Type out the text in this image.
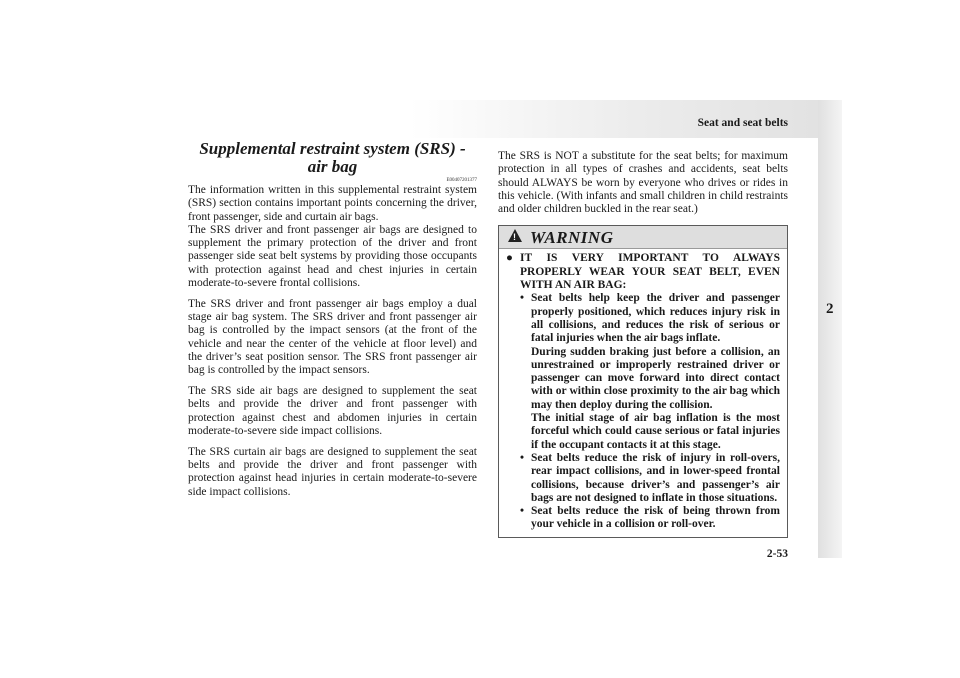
Seat and seat belts
2
Supplemental restraint system (SRS) - air bag
E00407201377

The information written in this supplemental restraint system (SRS) section contains important points concerning the driver, front passenger, side and curtain air bags.

The SRS driver and front passenger air bags are designed to supplement the primary protection of the driver and front passenger side seat belt systems by providing those occupants with protection against head and chest injuries in certain moderate-to-severe frontal collisions.

The SRS driver and front passenger air bags employ a dual stage air bag system. The SRS driver and front passenger air bag is controlled by the impact sensors (at the front of the vehicle and near the center of the vehicle at floor level) and the driver’s seat position sensor. The SRS front passenger air bag is controlled by the impact sensors.

The SRS side air bags are designed to supplement the seat belts and provide the driver and front passenger with protection against chest and abdomen injuries in certain moderate-to-severe side impact collisions.

The SRS curtain air bags are designed to supplement the seat belts and provide the driver and front passenger with protection against head injuries in certain moderate-to-severe side impact collisions.

The SRS is NOT a substitute for the seat belts; for maximum protection in all types of crashes and accidents, seat belts should ALWAYS be worn by everyone who drives or rides in this vehicle. (With infants and small children in child restraints and older children buckled in the rear seat.)

! WARNING
● IT IS VERY IMPORTANT TO ALWAYS PROPERLY WEAR YOUR SEAT BELT, EVEN WITH AN AIR BAG:
• Seat belts help keep the driver and passenger properly positioned, which reduces injury risk in all collisions, and reduces the risk of serious or fatal injuries when the air bags inflate.
During sudden braking just before a collision, an unrestrained or improperly restrained driver or passenger can move forward into direct contact with or within close proximity to the air bag which may then deploy during the collision.
The initial stage of air bag inflation is the most forceful which could cause serious or fatal injuries if the occupant contacts it at this stage.
• Seat belts reduce the risk of injury in roll-overs, rear impact collisions, and in lower-speed frontal collisions, because driver’s and passenger’s air bags are not designed to inflate in those situations.
• Seat belts reduce the risk of being thrown from your vehicle in a collision or roll-over.
2-53
